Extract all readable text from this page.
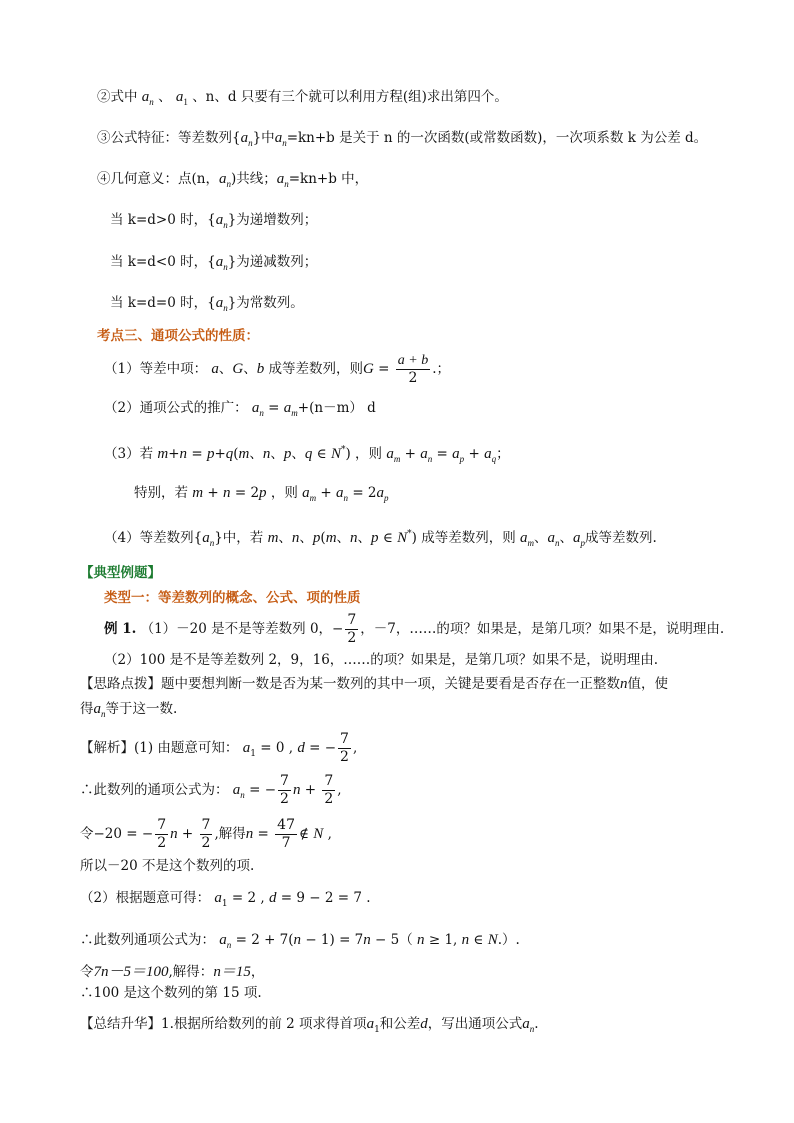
②式中 $a_n$ 、 $a_1$ 、n、d 只要有三个就可以利用方程(组)求出第四个。
③公式特征：等差数列$\{a_n\}$中$a_n=kn+b$ 是关于 n 的一次函数(或常数函数)，一次项系数 k 为公差 d。
④几何意义：点(n，$a_n$)共线；$a_n=kn+b$ 中，
当 k=d>0 时，$\{a_n\}$为递增数列；
当 k=d<0 时，$\{a_n\}$为递减数列；
当 k=d=0 时，$\{a_n\}$为常数列。
考点三、通项公式的性质：
（1）等差中项： a、G、b 成等差数列，则$G = \frac{a + b}{2}$ .；
（2）通项公式的推广： $a_n = a_m+(n-m)$ d
（3）若 m+n = p+q(m、n、p、q ∈ N*) ，则 $a_m + a_n = a_p + a_q$；
特别，若 m + n = 2p ，则 $a_m + a_n = 2a_p$
（4）等差数列$\{a_n\}$中，若 m、n、p(m、n、p ∈ N*) 成等差数列，则 $a_m$、$a_n$、$a_p$成等差数列.
【典型例题】
类型一：等差数列的概念、公式、项的性质
例 1. （1）－20 是不是等差数列 0，− $\frac{7}{2}$ ，－7，……的项？如果是，是第几项？如果不是，说明理由.
（2）100 是不是等差数列 2，9，16，……的项？如果是，是第几项？如果不是，说明理由.
【思路点拨】题中要想判断一数是否为某一数列的其中一项，关键是要看是否存在一正整数n值，使
得$a_n$等于这一数.
【解析】(1) 由题意可知： $a_1 = 0$ , d = − $\frac{7}{2}$ ,
∴此数列的通项公式为： $a_n$ = − $\frac{7}{2}$ $n + \frac{7}{2}$ ,
令−20 = − $\frac{7}{2}$ $n + \frac{7}{2}$ ,解得$n = \frac{47}{7}$ ∉ N ,
所以－20 不是这个数列的项.
（2）根据题意可得： $a_1 = 2$ , d = 9 − 2 = 7 .
∴此数列通项公式为： $a_n = 2 + 7(n - 1) = 7n - 5$（ n ≥ 1, n ∈ N.）.
令7n－5＝100,解得：n＝15，
∴100 是这个数列的第 15 项.
【总结升华】1.根据所给数列的前 2 项求得首项$a_1$和公差d，写出通项公式$a_n$.
